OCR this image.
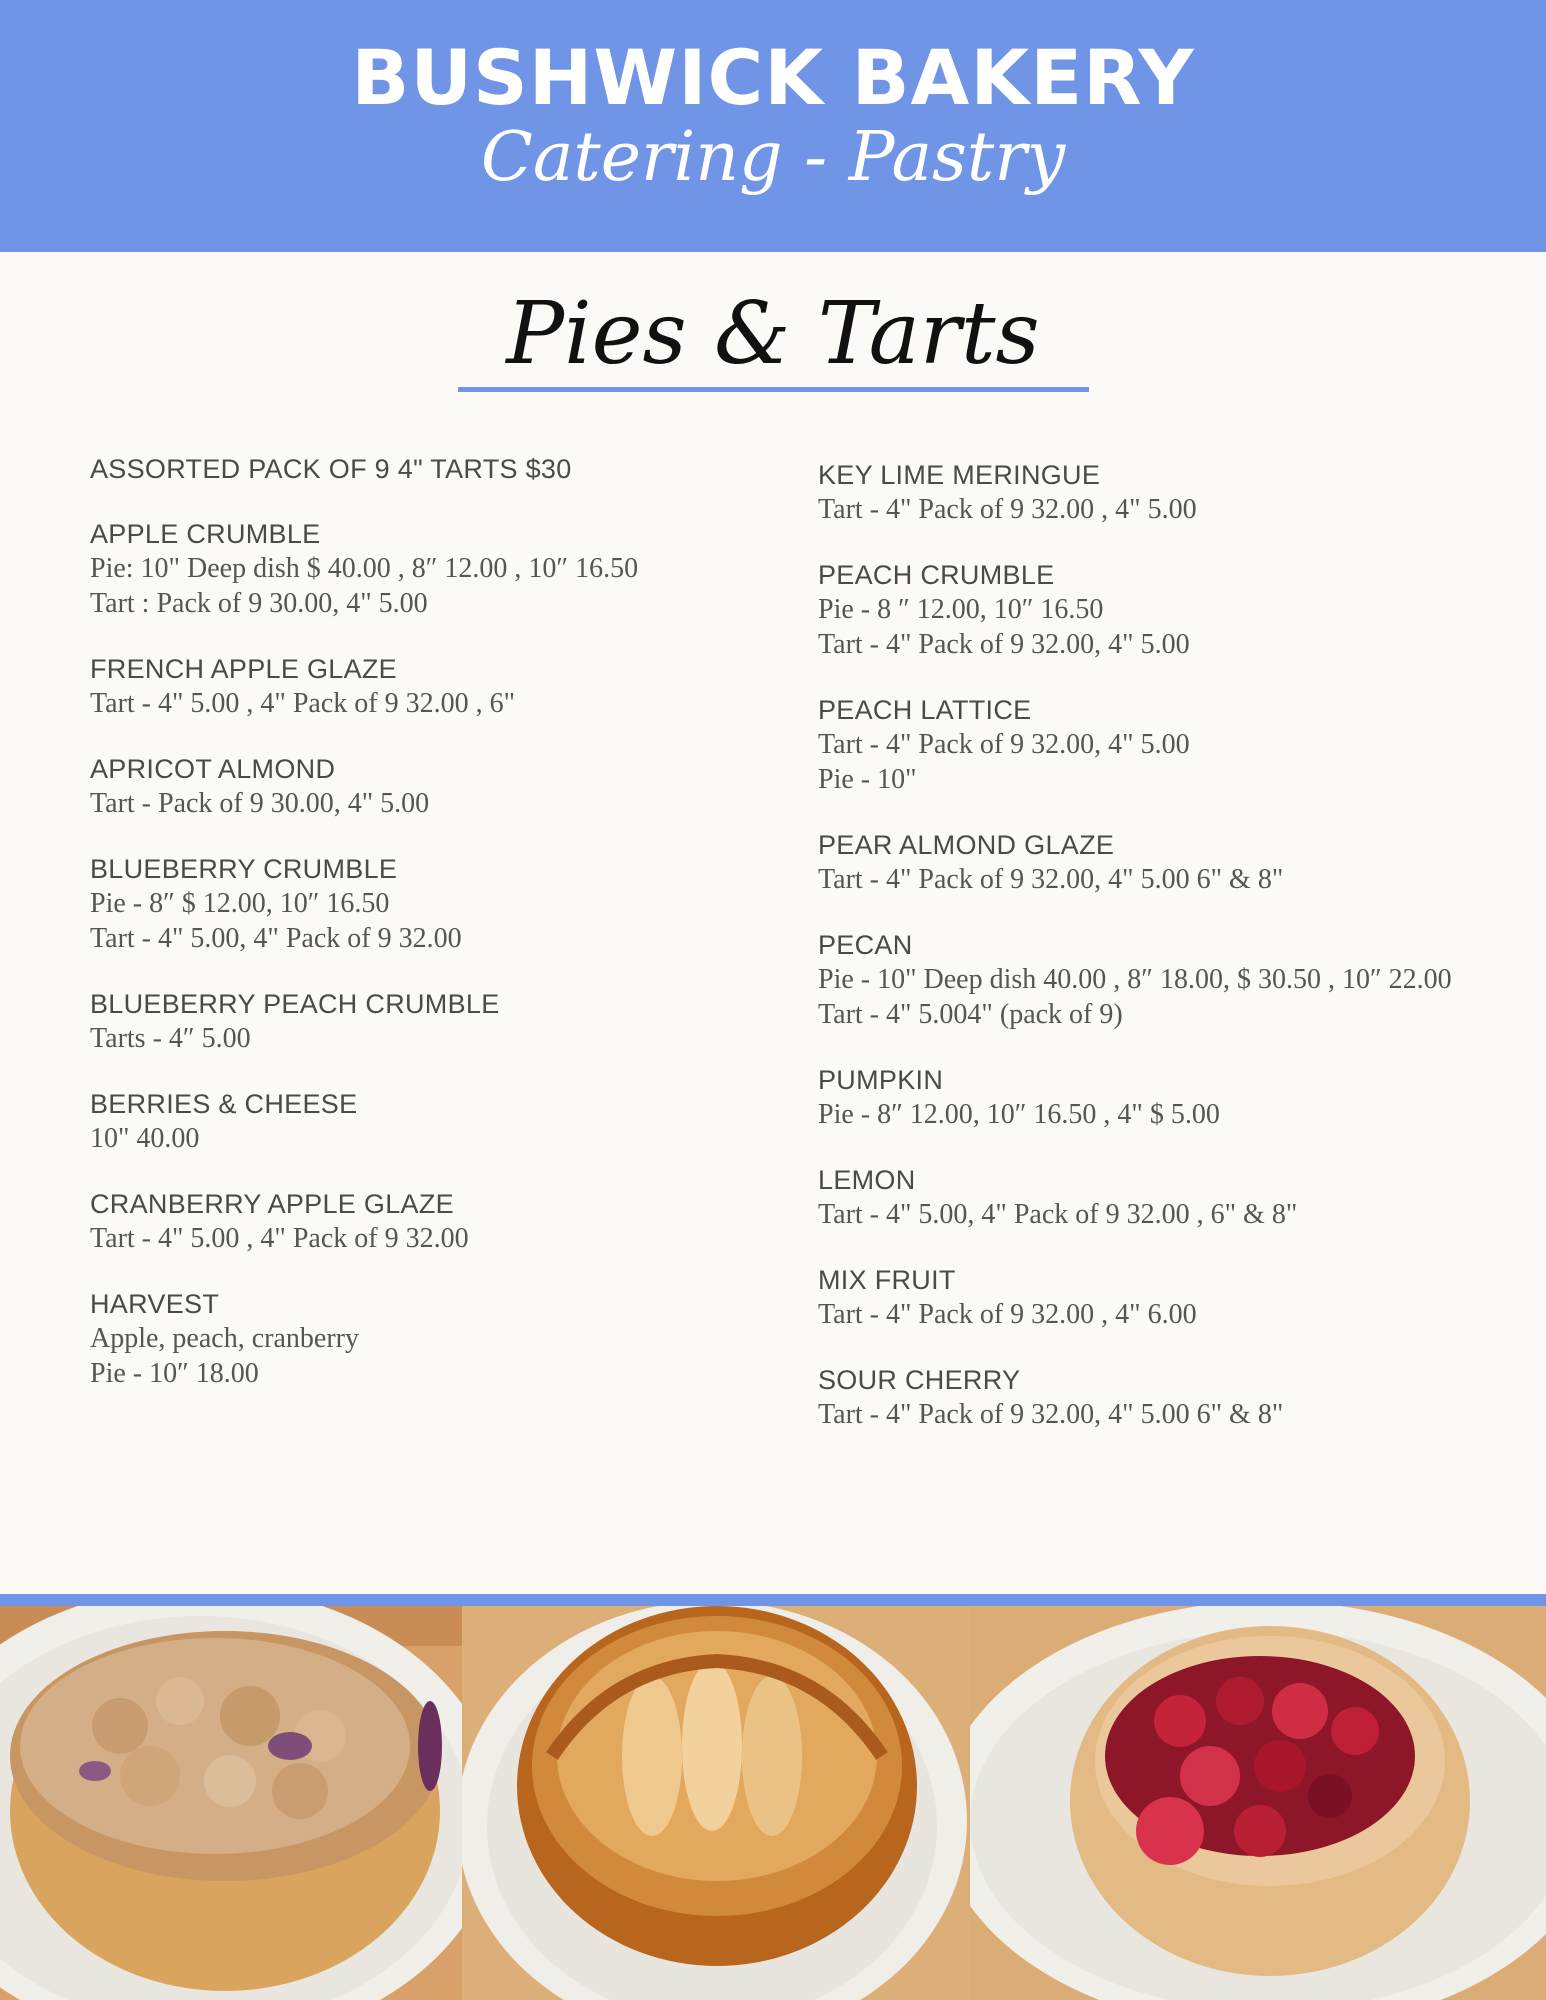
BUSHWICK BAKERY
Catering - Pastry
Pies & Tarts
ASSORTED PACK OF 9 4" TARTS $30
APPLE CRUMBLE
Pie: 10" Deep dish $ 40.00 , 8″ 12.00 , 10″ 16.50
Tart : Pack of 9 30.00, 4" 5.00
FRENCH APPLE GLAZE
Tart - 4" 5.00 , 4" Pack of 9 32.00 , 6"
APRICOT ALMOND
Tart - Pack of 9 30.00, 4" 5.00
BLUEBERRY CRUMBLE
Pie - 8″ $ 12.00, 10″ 16.50
Tart - 4" 5.00, 4" Pack of 9 32.00
BLUEBERRY PEACH CRUMBLE
Tarts - 4″ 5.00
BERRIES & CHEESE
10" 40.00
CRANBERRY APPLE GLAZE
Tart - 4" 5.00 , 4" Pack of 9 32.00
HARVEST
Apple, peach, cranberry
Pie - 10″ 18.00
KEY LIME MERINGUE
Tart - 4" Pack of 9 32.00 , 4" 5.00
PEACH CRUMBLE
Pie - 8 ″ 12.00, 10″ 16.50
Tart - 4" Pack of 9 32.00, 4" 5.00
PEACH LATTICE
Tart - 4" Pack of 9 32.00, 4" 5.00
Pie - 10"
PEAR ALMOND GLAZE
Tart - 4" Pack of 9 32.00, 4" 5.00 6" & 8"
PECAN
Pie - 10" Deep dish 40.00 , 8″ 18.00, $ 30.50 , 10″ 22.00
Tart - 4" 5.004" (pack of 9)
PUMPKIN
Pie - 8″ 12.00, 10″ 16.50 , 4" $ 5.00
LEMON
Tart - 4" 5.00, 4" Pack of 9 32.00 , 6" & 8"
MIX FRUIT
Tart - 4" Pack of 9 32.00 , 4" 6.00
SOUR CHERRY
Tart - 4" Pack of 9 32.00, 4" 5.00 6" & 8"
